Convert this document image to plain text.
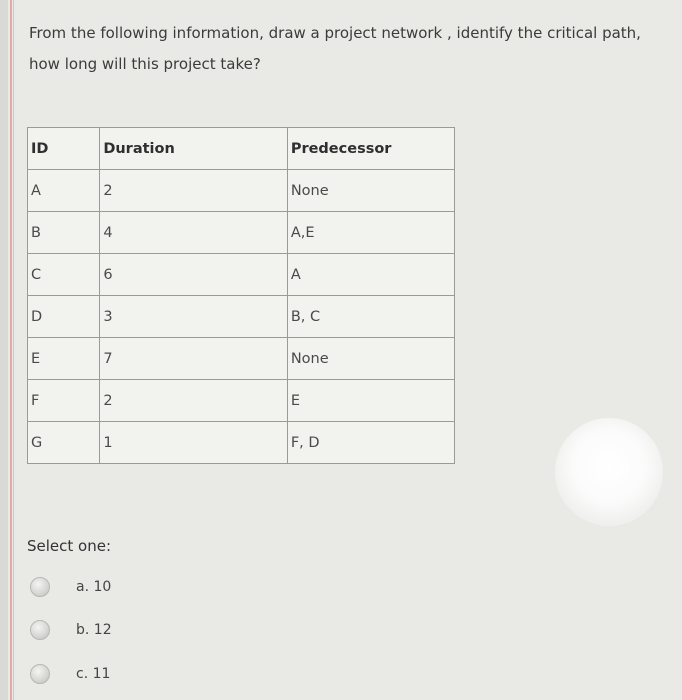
From the following information, draw a project network , identify the critical path, how long will this project take?

ID	Duration	Predecessor
A	2	None
B	4	A,E
C	6	A
D	3	B, C
E	7	None
F	2	E
G	1	F, D

Select one:

a. 10
b. 12
c. 11
